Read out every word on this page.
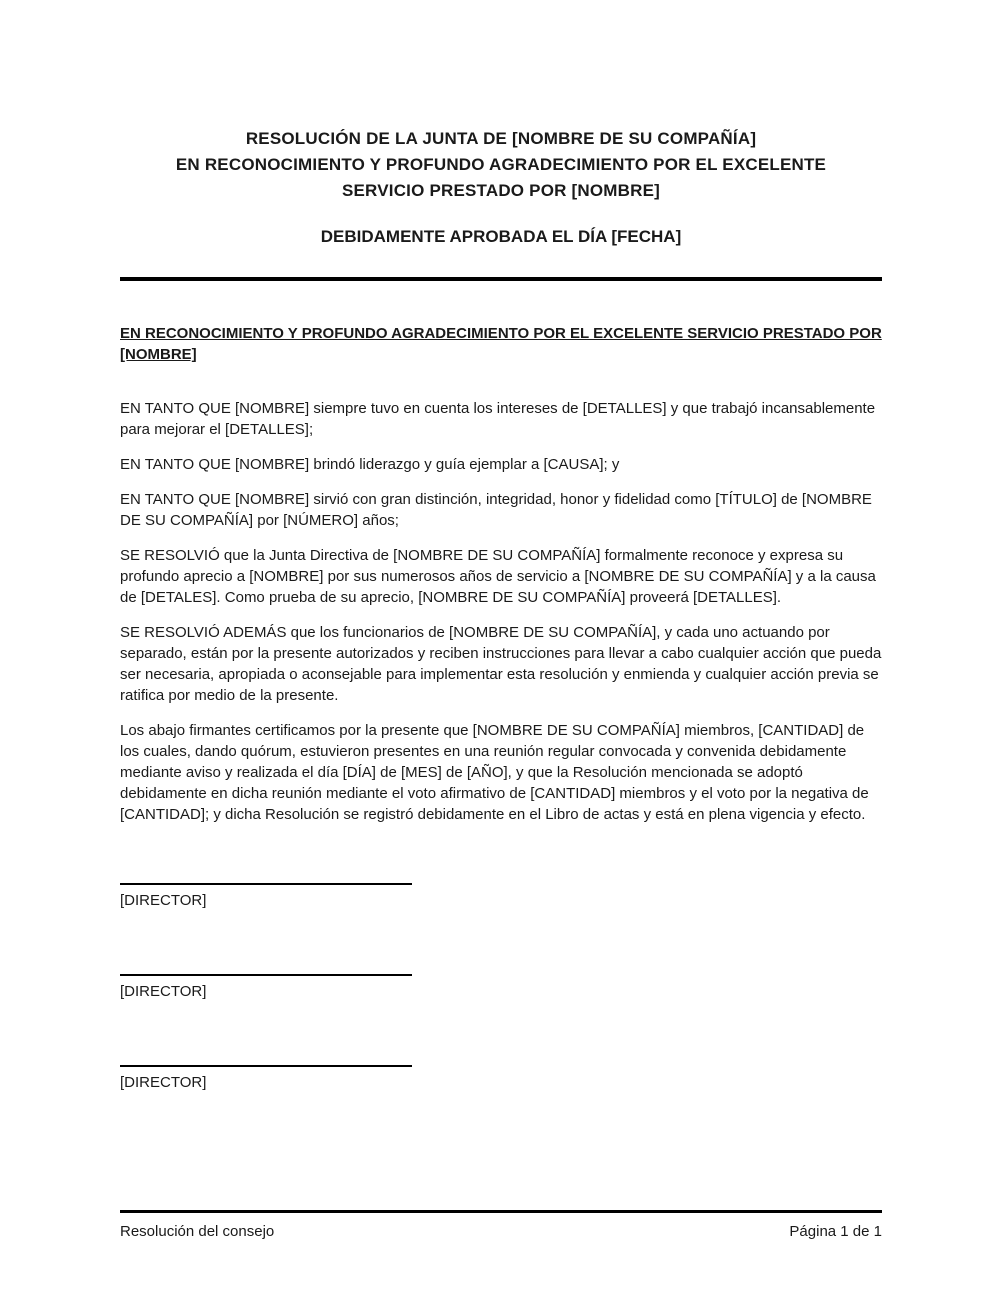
RESOLUCIÓN DE LA JUNTA DE [NOMBRE DE SU COMPAÑÍA]
EN RECONOCIMIENTO Y PROFUNDO AGRADECIMIENTO POR EL EXCELENTE
SERVICIO PRESTADO POR [NOMBRE]
DEBIDAMENTE APROBADA EL DÍA [FECHA]
EN RECONOCIMIENTO Y PROFUNDO AGRADECIMIENTO POR EL EXCELENTE SERVICIO PRESTADO POR [NOMBRE]

EN TANTO QUE [NOMBRE] siempre tuvo en cuenta los intereses de [DETALLES] y que trabajó incansablemente para mejorar el [DETALLES];

EN TANTO QUE [NOMBRE] brindó liderazgo y guía ejemplar a [CAUSA]; y

EN TANTO QUE [NOMBRE] sirvió con gran distinción, integridad, honor y fidelidad como [TÍTULO] de [NOMBRE DE SU COMPAÑÍA] por [NÚMERO] años;

SE RESOLVIÓ que la Junta Directiva de [NOMBRE DE SU COMPAÑÍA] formalmente reconoce y expresa su profundo aprecio a [NOMBRE] por sus numerosos años de servicio a [NOMBRE DE SU COMPAÑÍA] y a la causa de [DETALES]. Como prueba de su aprecio, [NOMBRE DE SU COMPAÑÍA] proveerá [DETALLES].

SE RESOLVIÓ ADEMÁS que los funcionarios de [NOMBRE DE SU COMPAÑÍA], y cada uno actuando por separado, están por la presente autorizados y reciben instrucciones para llevar a cabo cualquier acción que pueda ser necesaria, apropiada o aconsejable para implementar esta resolución y enmienda y cualquier acción previa se ratifica por medio de la presente.

Los abajo firmantes certificamos por la presente que [NOMBRE DE SU COMPAÑÍA] miembros, [CANTIDAD] de los cuales, dando quórum, estuvieron presentes en una reunión regular convocada y convenida debidamente mediante aviso y realizada el día [DÍA] de [MES] de [AÑO], y que la Resolución mencionada se adoptó debidamente en dicha reunión mediante el voto afirmativo de [CANTIDAD] miembros y el voto por la negativa de [CANTIDAD]; y dicha Resolución se registró debidamente en el Libro de actas y está en plena vigencia y efecto.

[DIRECTOR]
[DIRECTOR]
[DIRECTOR]
Resolución del consejo	Página 1 de 1
